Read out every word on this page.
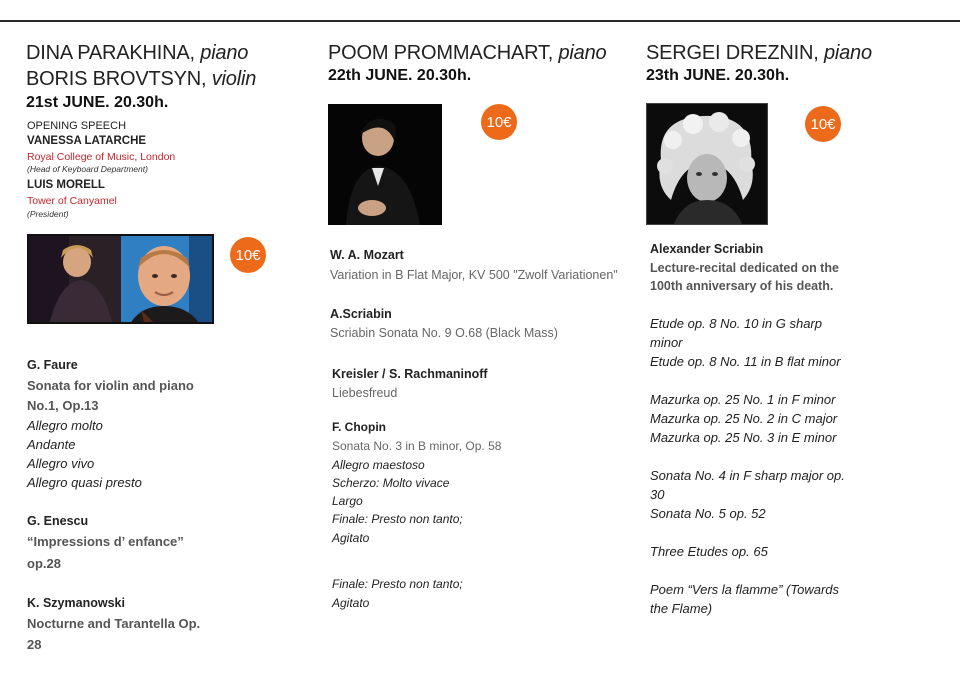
DINA PARAKHINA, piano
BORIS BROVTSYN, violin
21st JUNE. 20.30h.
OPENING SPEECH
VANESSA LATARCHE
Royal College of Music, London
(Head of Keyboard Department)
LUIS MORELL
Tower of Canyamel
(President)
10€
G. Faure
Sonata for violin and piano
No.1, Op.13
Allegro molto
Andante
Allegro vivo
Allegro quasi presto
G. Enescu
“Impressions d’ enfance”
op.28
K. Szymanowski
Nocturne and Tarantella Op.
28
POOM PROMMACHART, piano
22th JUNE. 20.30h.
10€
W. A. Mozart
Variation in B Flat Major, KV 500 "Zwolf Variationen"
A.Scriabin
Scriabin Sonata No. 9 O.68 (Black Mass)
Kreisler / S. Rachmaninoff
Liebesfreud
F. Chopin
Sonata No. 3 in B minor, Op. 58
Allegro maestoso
Scherzo: Molto vivace
Largo
Finale: Presto non tanto;
Agitato
Finale: Presto non tanto;
Agitato
SERGEI DREZNIN, piano
23th JUNE. 20.30h.
10€
Alexander Scriabin
Lecture-recital dedicated on the
100th anniversary of his death.
Etude op. 8 No. 10 in G sharp
minor
Etude op. 8 No. 11 in B flat minor
Mazurka op. 25 No. 1 in F minor
Mazurka op. 25 No. 2 in C major
Mazurka op. 25 No. 3 in E minor
Sonata No. 4 in F sharp major op.
30
Sonata No. 5 op. 52
Three Etudes op. 65
Poem “Vers la flamme” (Towards
the Flame)
